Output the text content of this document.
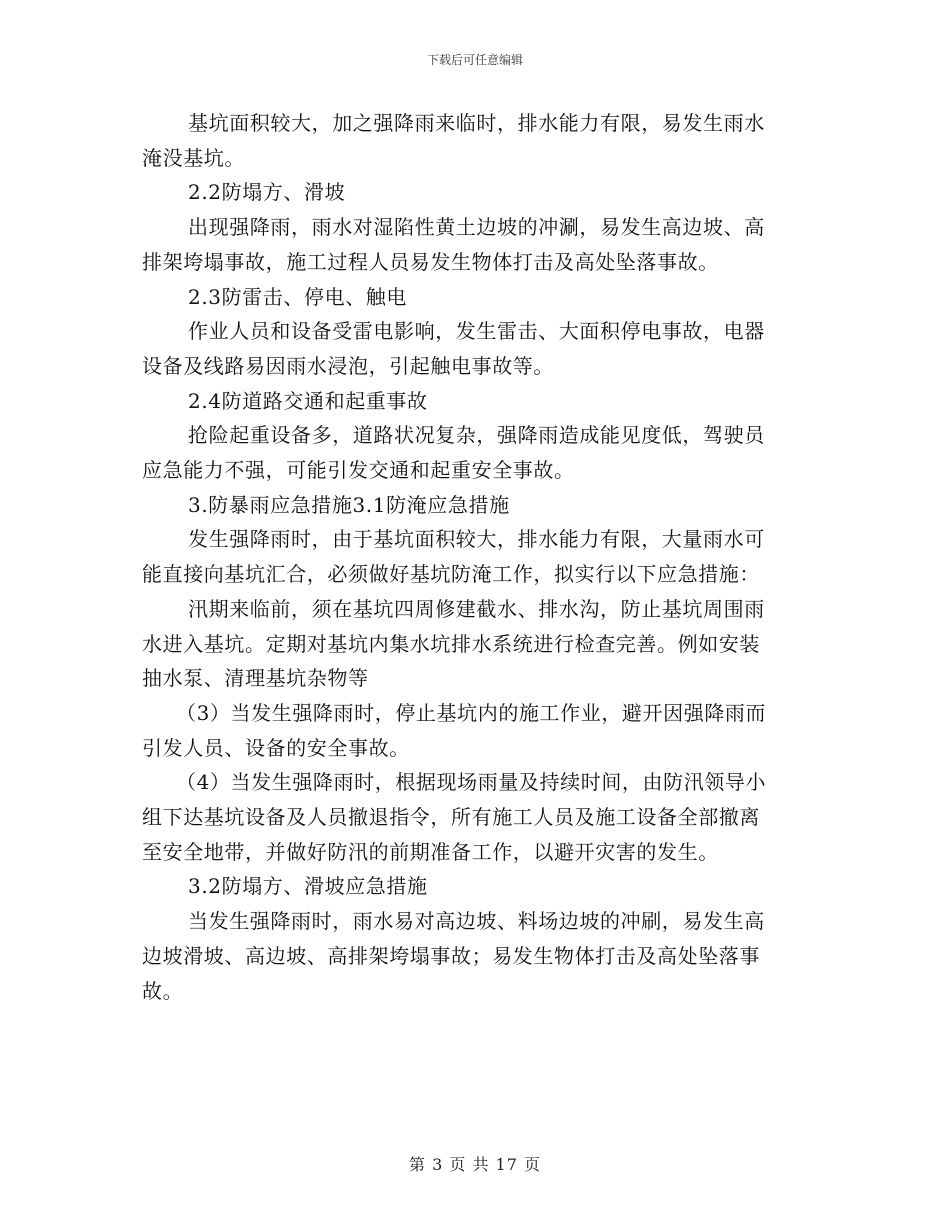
下载后可任意编辑
基坑面积较大，加之强降雨来临时，排水能力有限，易发生雨水
淹没基坑。
2.2防塌方、滑坡
出现强降雨，雨水对湿陷性黄土边坡的冲涮，易发生高边坡、高
排架垮塌事故，施工过程人员易发生物体打击及高处坠落事故。
2.3防雷击、停电、触电
作业人员和设备受雷电影响，发生雷击、大面积停电事故，电器
设备及线路易因雨水浸泡，引起触电事故等。
2.4防道路交通和起重事故
抢险起重设备多，道路状况复杂，强降雨造成能见度低，驾驶员
应急能力不强，可能引发交通和起重安全事故。
3.防暴雨应急措施3.1防淹应急措施
发生强降雨时，由于基坑面积较大，排水能力有限，大量雨水可
能直接向基坑汇合，必须做好基坑防淹工作，拟实行以下应急措施：
汛期来临前，须在基坑四周修建截水、排水沟，防止基坑周围雨
水进入基坑。定期对基坑内集水坑排水系统进行检查完善。例如安装
抽水泵、清理基坑杂物等
（3）当发生强降雨时，停止基坑内的施工作业，避开因强降雨而
引发人员、设备的安全事故。
（4）当发生强降雨时，根据现场雨量及持续时间，由防汛领导小
组下达基坑设备及人员撤退指令，所有施工人员及施工设备全部撤离
至安全地带，并做好防汛的前期准备工作，以避开灾害的发生。
3.2防塌方、滑坡应急措施
当发生强降雨时，雨水易对高边坡、料场边坡的冲刷，易发生高
边坡滑坡、高边坡、高排架垮塌事故；易发生物体打击及高处坠落事
故。
第 3 页 共 17 页
